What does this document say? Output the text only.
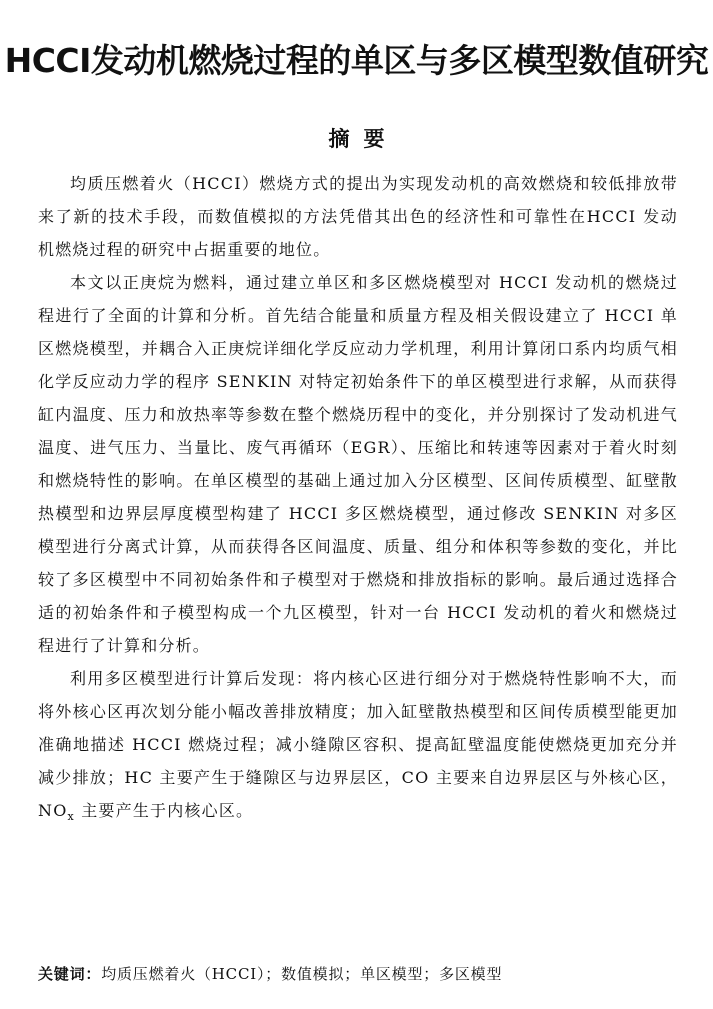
HCCI发动机燃烧过程的单区与多区模型数值研究
摘要

均质压燃着火（HCCI）燃烧方式的提出为实现发动机的高效燃烧和较低排放带来了新的技术手段，而数值模拟的方法凭借其出色的经济性和可靠性在HCCI 发动机燃烧过程的研究中占据重要的地位。

本文以正庚烷为燃料，通过建立单区和多区燃烧模型对 HCCI 发动机的燃烧过程进行了全面的计算和分析。首先结合能量和质量方程及相关假设建立了 HCCI 单区燃烧模型，并耦合入正庚烷详细化学反应动力学机理，利用计算闭口系内均质气相化学反应动力学的程序 SENKIN 对特定初始条件下的单区模型进行求解，从而获得缸内温度、压力和放热率等参数在整个燃烧历程中的变化，并分别探讨了发动机进气温度、进气压力、当量比、废气再循环（EGR）、压缩比和转速等因素对于着火时刻和燃烧特性的影响。在单区模型的基础上通过加入分区模型、区间传质模型、缸壁散热模型和边界层厚度模型构建了 HCCI 多区燃烧模型，通过修改 SENKIN 对多区模型进行分离式计算，从而获得各区间温度、质量、组分和体积等参数的变化，并比较了多区模型中不同初始条件和子模型对于燃烧和排放指标的影响。最后通过选择合适的初始条件和子模型构成一个九区模型，针对一台 HCCI 发动机的着火和燃烧过程进行了计算和分析。

利用多区模型进行计算后发现：将内核心区进行细分对于燃烧特性影响不大，而将外核心区再次划分能小幅改善排放精度；加入缸壁散热模型和区间传质模型能更加准确地描述 HCCI 燃烧过程；减小缝隙区容积、提高缸壁温度能使燃烧更加充分并减少排放；HC 主要产生于缝隙区与边界层区，CO 主要来自边界层区与外核心区，$NO_x$ 主要产生于内核心区。

关键词：均质压燃着火（HCCI）；数值模拟；单区模型；多区模型
